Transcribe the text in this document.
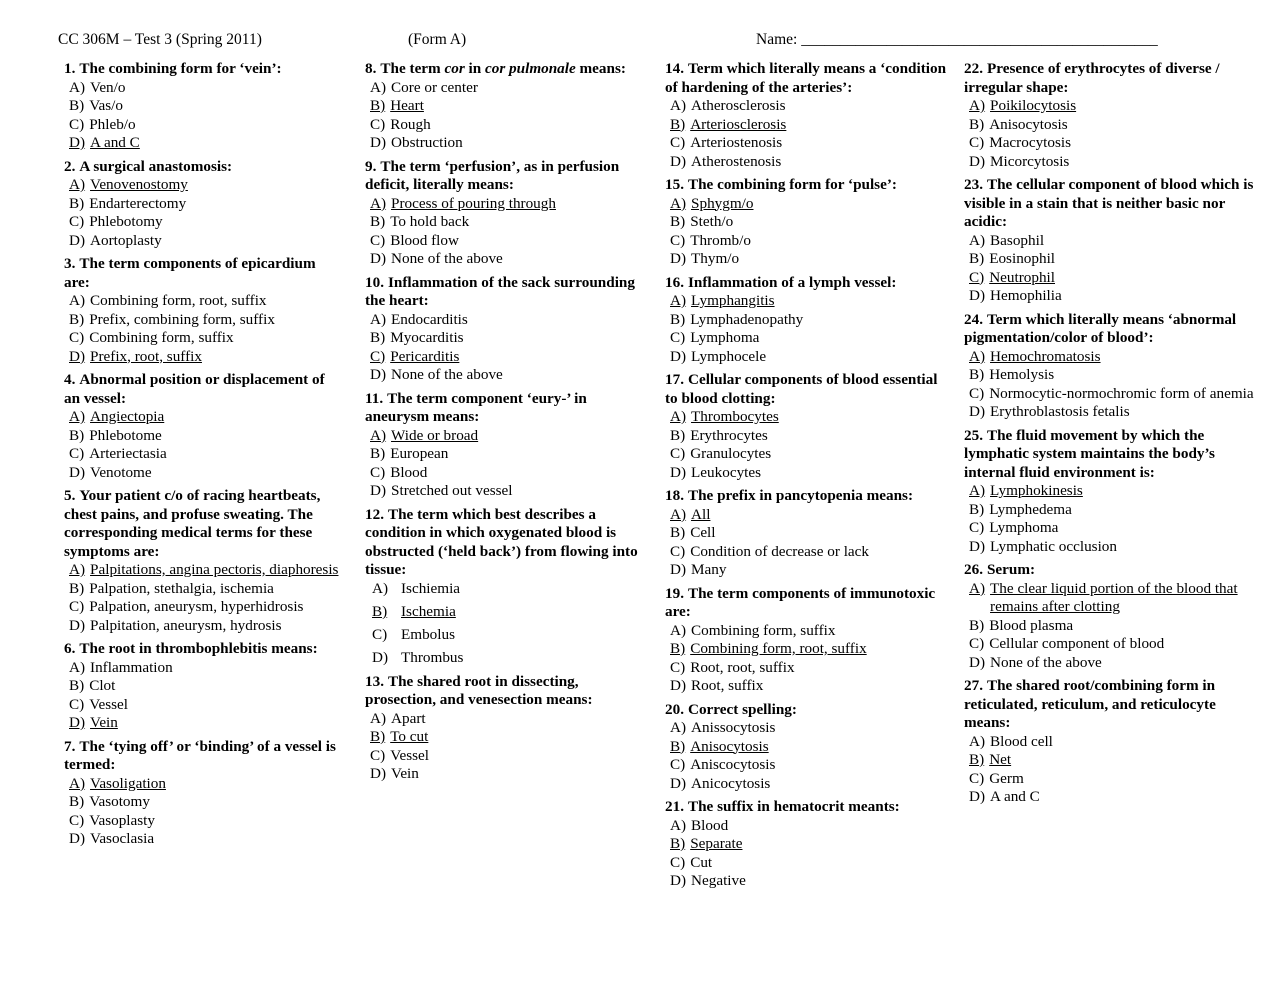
CC 306M – Test 3 (Spring 2011)	(Form A)	Name: ______________________________________________
1. The combining form for ‘vein’:
A) Ven/o
B) Vas/o
C) Phleb/o
D) A and C
2. A surgical anastomosis:
A) Venovenostomy
B) Endarterectomy
C) Phlebotomy
D) Aortoplasty
3. The term components of epicardium are:
A) Combining form, root, suffix
B) Prefix, combining form, suffix
C) Combining form, suffix
D) Prefix, root, suffix
4. Abnormal position or displacement of an vessel:
A) Angiectopia
B) Phlebotome
C) Arteriectasia
D) Venotome
5. Your patient c/o of racing heartbeats, chest pains, and profuse sweating. The corresponding medical terms for these symptoms are:
A) Palpitations, angina pectoris, diaphoresis
B) Palpation, stethalgia, ischemia
C) Palpation, aneurysm, hyperhidrosis
D) Palpitation, aneurysm, hydrosis
6. The root in thrombophlebitis means:
A) Inflammation
B) Clot
C) Vessel
D) Vein
7. The ‘tying off’ or ‘binding’ of a vessel is termed:
A) Vasoligation
B) Vasotomy
C) Vasoplasty
D) Vasoclasia
8. The term cor in cor pulmonale means:
A) Core or center
B) Heart
C) Rough
D) Obstruction
9. The term ‘perfusion’, as in perfusion deficit, literally means:
A) Process of pouring through
B) To hold back
C) Blood flow
D) None of the above
10. Inflammation of the sack surrounding the heart:
A) Endocarditis
B) Myocarditis
C) Pericarditis
D) None of the above
11. The term component ‘eury-’ in aneurysm means:
A) Wide or broad
B) European
C) Blood
D) Stretched out vessel
12. The term which best describes a condition in which oxygenated blood is obstructed (‘held back’) from flowing into tissue:
A) Ischiemia
B) Ischemia
C) Embolus
D) Thrombus
13. The shared root in dissecting, prosection, and venesection means:
A) Apart
B) To cut
C) Vessel
D) Vein
14. Term which literally means a ‘condition of hardening of the arteries’:
A) Atherosclerosis
B) Arteriosclerosis
C) Arteriostenosis
D) Atherostenosis
15. The combining form for ‘pulse’:
A) Sphygm/o
B) Steth/o
C) Thromb/o
D) Thym/o
16. Inflammation of a lymph vessel:
A) Lymphangitis
B) Lymphadenopathy
C) Lymphoma
D) Lymphocele
17. Cellular components of blood essential to blood clotting:
A) Thrombocytes
B) Erythrocytes
C) Granulocytes
D) Leukocytes
18. The prefix in pancytopenia means:
A) All
B) Cell
C) Condition of decrease or lack
D) Many
19. The term components of immunotoxic are:
A) Combining form, suffix
B) Combining form, root, suffix
C) Root, root, suffix
D) Root, suffix
20. Correct spelling:
A) Anissocytosis
B) Anisocytosis
C) Aniscocytosis
D) Anicocytosis
21. The suffix in hematocrit meants:
A) Blood
B) Separate
C) Cut
D) Negative
22. Presence of erythrocytes of diverse / irregular shape:
A) Poikilocytosis
B) Anisocytosis
C) Macrocytosis
D) Micorcytosis
23. The cellular component of blood which is visible in a stain that is neither basic nor acidic:
A) Basophil
B) Eosinophil
C) Neutrophil
D) Hemophilia
24. Term which literally means ‘abnormal pigmentation/color of blood’:
A) Hemochromatosis
B) Hemolysis
C) Normocytic-normochromic form of anemia
D) Erythroblastosis fetalis
25. The fluid movement by which the lymphatic system maintains the body’s internal fluid environment is:
A) Lymphokinesis
B) Lymphedema
C) Lymphoma
D) Lymphatic occlusion
26. Serum:
A) The clear liquid portion of the blood that remains after clotting
B) Blood plasma
C) Cellular component of blood
D) None of the above
27. The shared root/combining form in reticulated, reticulum, and reticulocyte means:
A) Blood cell
B) Net
C) Germ
D) A and C
